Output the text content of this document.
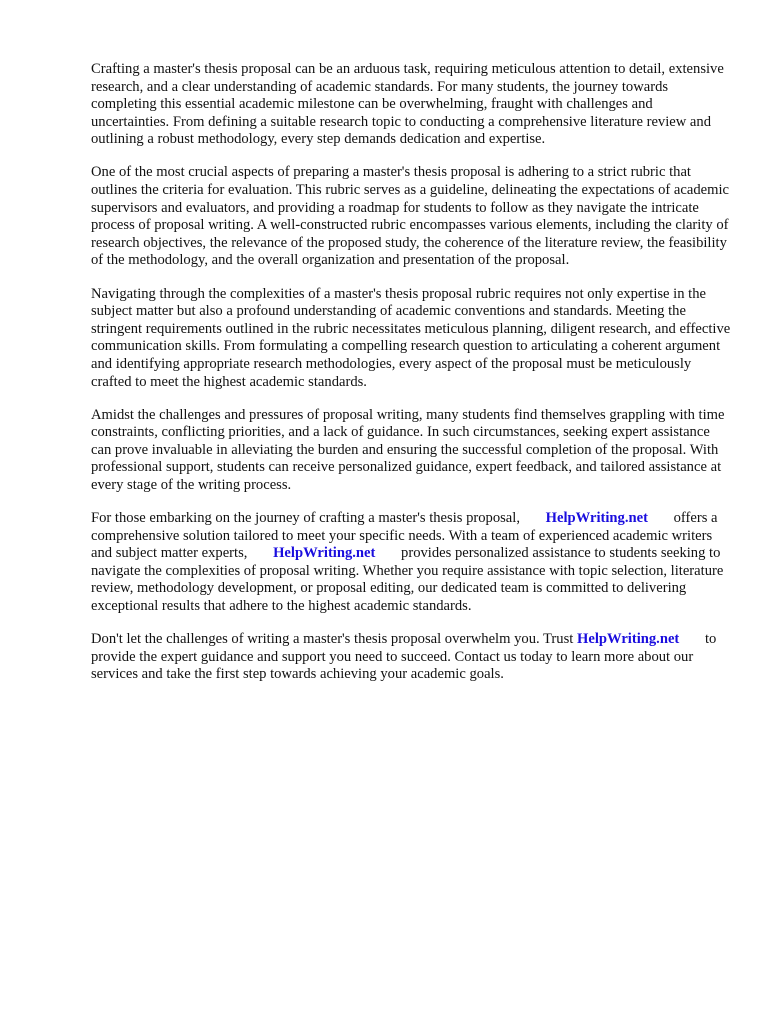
Crafting a master's thesis proposal can be an arduous task, requiring meticulous attention to detail, extensive research, and a clear understanding of academic standards. For many students, the journey towards completing this essential academic milestone can be overwhelming, fraught with challenges and uncertainties. From defining a suitable research topic to conducting a comprehensive literature review and outlining a robust methodology, every step demands dedication and expertise.

One of the most crucial aspects of preparing a master's thesis proposal is adhering to a strict rubric that outlines the criteria for evaluation. This rubric serves as a guideline, delineating the expectations of academic supervisors and evaluators, and providing a roadmap for students to follow as they navigate the intricate process of proposal writing. A well-constructed rubric encompasses various elements, including the clarity of research objectives, the relevance of the proposed study, the coherence of the literature review, the feasibility of the methodology, and the overall organization and presentation of the proposal.

Navigating through the complexities of a master's thesis proposal rubric requires not only expertise in the subject matter but also a profound understanding of academic conventions and standards. Meeting the stringent requirements outlined in the rubric necessitates meticulous planning, diligent research, and effective communication skills. From formulating a compelling research question to articulating a coherent argument and identifying appropriate research methodologies, every aspect of the proposal must be meticulously crafted to meet the highest academic standards.

Amidst the challenges and pressures of proposal writing, many students find themselves grappling with time constraints, conflicting priorities, and a lack of guidance. In such circumstances, seeking expert assistance can prove invaluable in alleviating the burden and ensuring the successful completion of the proposal. With professional support, students can receive personalized guidance, expert feedback, and tailored assistance at every stage of the writing process.

For those embarking on the journey of crafting a master's thesis proposal, HelpWriting.net offers a comprehensive solution tailored to meet your specific needs. With a team of experienced academic writers and subject matter experts, HelpWriting.net provides personalized assistance to students seeking to navigate the complexities of proposal writing. Whether you require assistance with topic selection, literature review, methodology development, or proposal editing, our dedicated team is committed to delivering exceptional results that adhere to the highest academic standards.

Don't let the challenges of writing a master's thesis proposal overwhelm you. Trust HelpWriting.net to provide the expert guidance and support you need to succeed. Contact us today to learn more about our services and take the first step towards achieving your academic goals.
